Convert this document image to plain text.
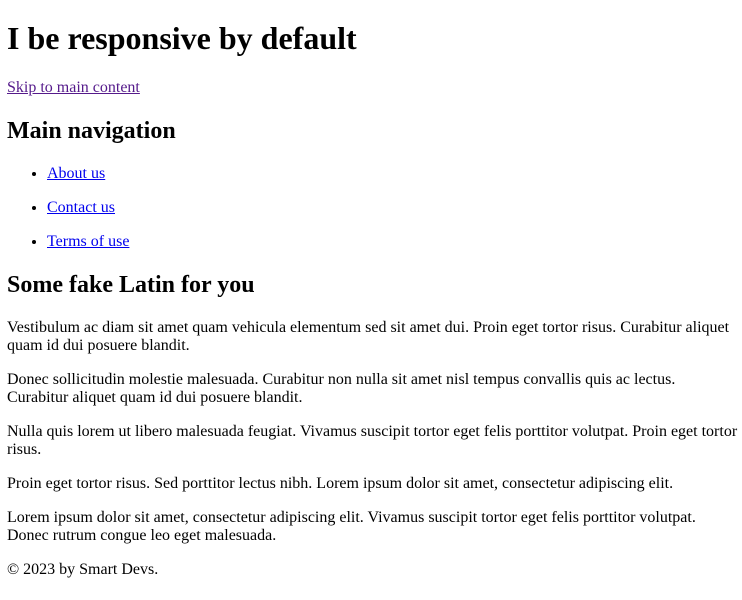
I be responsive by default
Skip to main content
Main navigation
• About us
• Contact us
• Terms of use
Some fake Latin for you

Vestibulum ac diam sit amet quam vehicula elementum sed sit amet dui. Proin eget tortor risus. Curabitur aliquet quam id dui posuere blandit.

Donec sollicitudin molestie malesuada. Curabitur non nulla sit amet nisl tempus convallis quis ac lectus. Curabitur aliquet quam id dui posuere blandit.

Nulla quis lorem ut libero malesuada feugiat. Vivamus suscipit tortor eget felis porttitor volutpat. Proin eget tortor risus.

Proin eget tortor risus. Sed porttitor lectus nibh. Lorem ipsum dolor sit amet, consectetur adipiscing elit.

Lorem ipsum dolor sit amet, consectetur adipiscing elit. Vivamus suscipit tortor eget felis porttitor volutpat. Donec rutrum congue leo eget malesuada.

© 2023 by Smart Devs.
